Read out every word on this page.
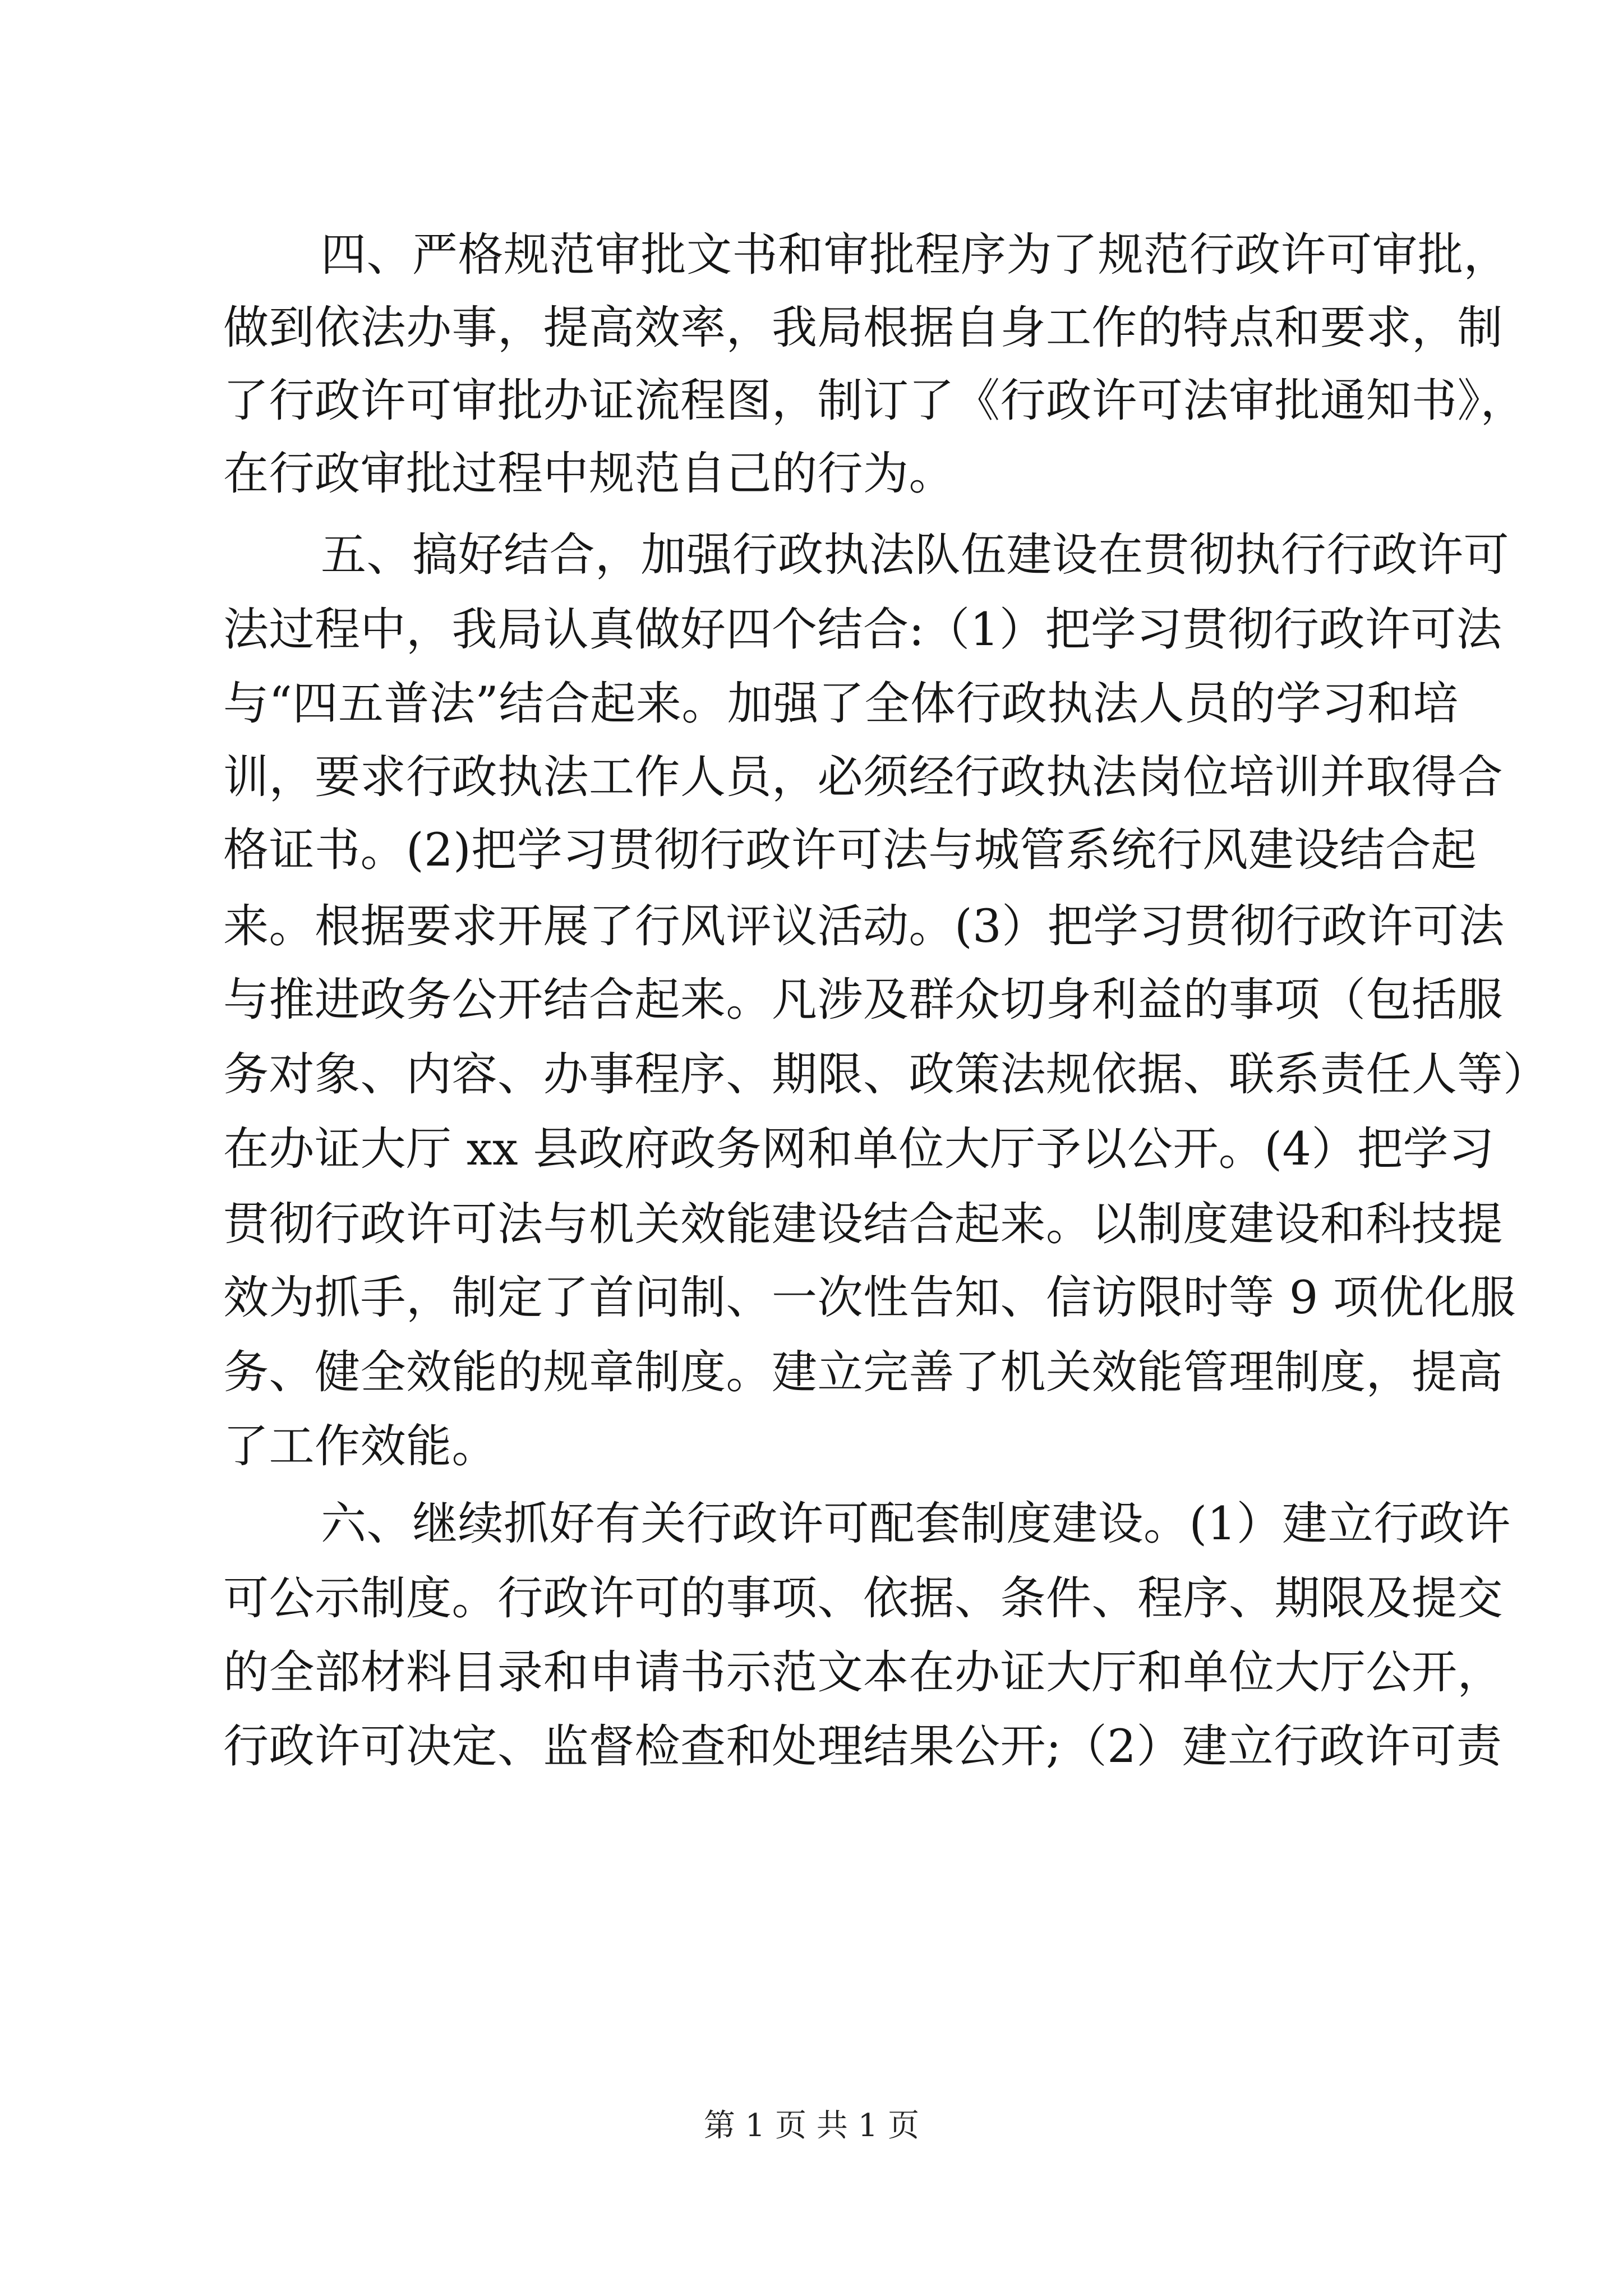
四、严格规范审批文书和审批程序为了规范行政许可审批，
做到依法办事，提高效率，我局根据自身工作的特点和要求，制
了行政许可审批办证流程图，制订了《行政许可法审批通知书》，
在行政审批过程中规范自己的行为。
五、搞好结合，加强行政执法队伍建设在贯彻执行行政许可
法过程中，我局认真做好四个结合:（1）把学习贯彻行政许可法
与“四五普法”结合起来。加强了全体行政执法人员的学习和培
训，要求行政执法工作人员，必须经行政执法岗位培训并取得合
格证书。(2)把学习贯彻行政许可法与城管系统行风建设结合起
来。根据要求开展了行风评议活动。(3）把学习贯彻行政许可法
与推进政务公开结合起来。凡涉及群众切身利益的事项（包括服
务对象、内容、办事程序、期限、政策法规依据、联系责任人等）
在办证大厅 xx 县政府政务网和单位大厅予以公开。(4）把学习
贯彻行政许可法与机关效能建设结合起来。以制度建设和科技提
效为抓手，制定了首问制、一次性告知、信访限时等 9 项优化服
务、健全效能的规章制度。建立完善了机关效能管理制度，提高
了工作效能。
六、继续抓好有关行政许可配套制度建设。(1）建立行政许
可公示制度。行政许可的事项、依据、条件、程序、期限及提交
的全部材料目录和申请书示范文本在办证大厅和单位大厅公开，
行政许可决定、监督检查和处理结果公开;（2）建立行政许可责
第 1 页 共 1 页
